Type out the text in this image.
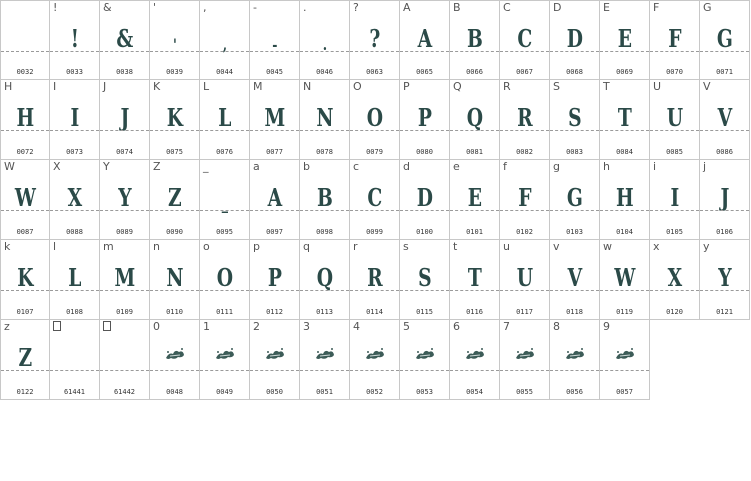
0032
!
!
0033
&
&
0038
'
'
0039
,
,
0044
-
-
0045
.
.
0046
?
?
0063
A
A
0065
B
B
0066
C
C
0067
D
D
0068
E
E
0069
F
F
0070
G
G
0071
H
H
0072
I
I
0073
J
J
0074
K
K
0075
L
L
0076
M
M
0077
N
N
0078
O
O
0079
P
P
0080
Q
Q
0081
R
R
0082
S
S
0083
T
T
0084
U
U
0085
V
V
0086
W
W
0087
X
X
0088
Y
Y
0089
Z
Z
0090
_
_
0095
a
A
0097
b
B
0098
c
C
0099
d
D
0100
e
E
0101
f
F
0102
g
G
0103
h
H
0104
i
I
0105
j
J
0106
k
K
0107
l
L
0108
m
M
0109
n
N
0110
o
O
0111
p
P
0112
q
Q
0113
r
R
0114
s
S
0115
t
T
0116
u
U
0117
v
V
0118
w
W
0119
x
X
0120
y
Y
0121
z
Z
0122	61441	61442
0
0048
1
0049
2
0050
3
0051
4
0052
5
0053
6
0054
7
0055
8
0056
9
0057
